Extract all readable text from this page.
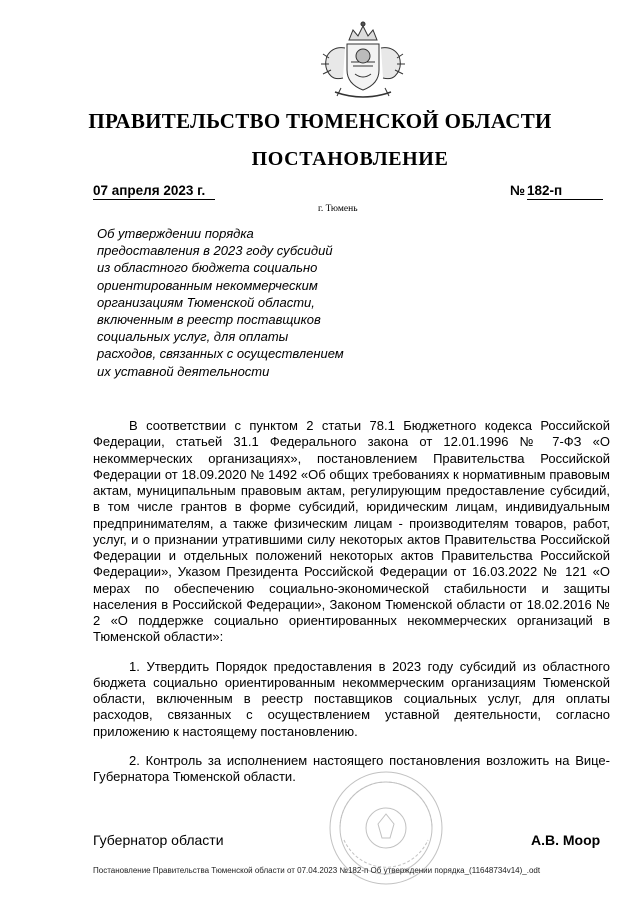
ПРАВИТЕЛЬСТВО ТЮМЕНСКОЙ ОБЛАСТИ
ПОСТАНОВЛЕНИЕ
07 апреля 2023 г.	№ 182-п
г. Тюмень
Об утверждении порядка
предоставления в 2023 году субсидий
из областного бюджета социально
ориентированным некоммерческим
организациям Тюменской области,
включенным в реестр поставщиков
социальных услуг, для оплаты
расходов, связанных с осуществлением
их уставной деятельности

В соответствии с пунктом 2 статьи 78.1 Бюджетного кодекса Российской Федерации, статьей 31.1 Федерального закона от 12.01.1996 № 7-ФЗ «О некоммерческих организациях», постановлением Правительства Российской Федерации от 18.09.2020 № 1492 «Об общих требованиях к нормативным правовым актам, муниципальным правовым актам, регулирующим предоставление субсидий, в том числе грантов в форме субсидий, юридическим лицам, индивидуальным предпринимателям, а также физическим лицам - производителям товаров, работ, услуг, и о признании утратившими силу некоторых актов Правительства Российской Федерации и отдельных положений некоторых актов Правительства Российской Федерации», Указом Президента Российской Федерации от 16.03.2022 № 121 «О мерах по обеспечению социально-экономической стабильности и защиты населения в Российской Федерации», Законом Тюменской области от 18.02.2016 № 2 «О поддержке социально ориентированных некоммерческих организаций в Тюменской области»:

1. Утвердить Порядок предоставления в 2023 году субсидий из областного бюджета социально ориентированным некоммерческим организациям Тюменской области, включенным в реестр поставщиков социальных услуг, для оплаты расходов, связанных с осуществлением уставной деятельности, согласно приложению к настоящему постановлению.

2. Контроль за исполнением настоящего постановления возложить на Вице-Губернатора Тюменской области.

Губернатор области	А.В. Моор
Постановление Правительства Тюменской области от 07.04.2023 №182-п Об утверждении порядка_(11648734v14)_.odt
